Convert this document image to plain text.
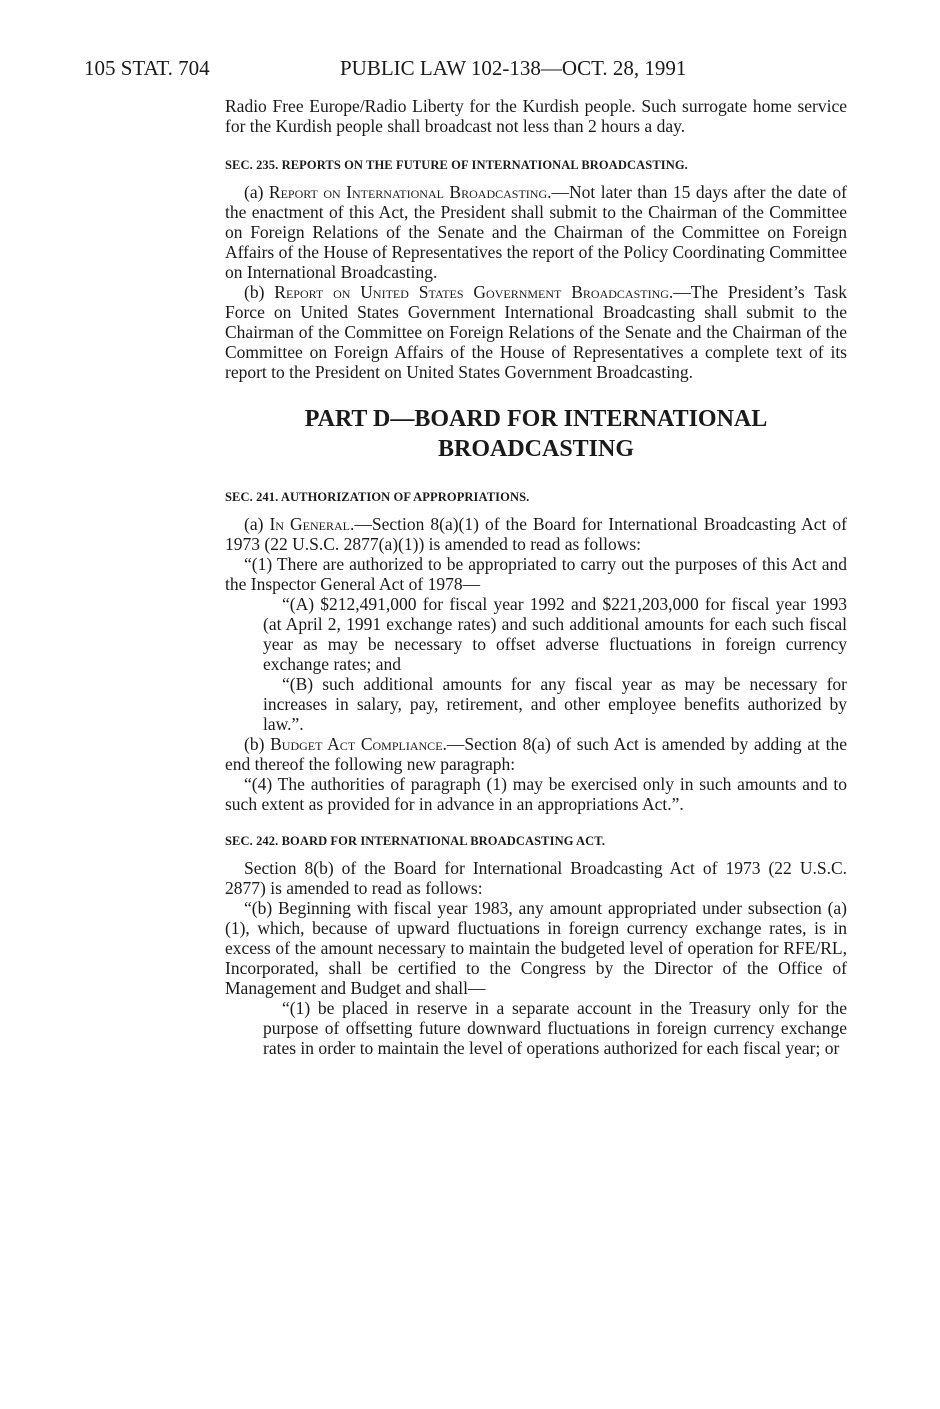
105 STAT. 704	PUBLIC LAW 102-138—OCT. 28, 1991

Radio Free Europe/Radio Liberty for the Kurdish people. Such surrogate home service for the Kurdish people shall broadcast not less than 2 hours a day.

SEC. 235. REPORTS ON THE FUTURE OF INTERNATIONAL BROADCASTING.

(a) Report on International Broadcasting.—Not later than 15 days after the date of the enactment of this Act, the President shall submit to the Chairman of the Committee on Foreign Relations of the Senate and the Chairman of the Committee on Foreign Affairs of the House of Representatives the report of the Policy Coordinating Committee on International Broadcasting.

(b) Report on United States Government Broadcasting.—The President’s Task Force on United States Government International Broadcasting shall submit to the Chairman of the Committee on Foreign Relations of the Senate and the Chairman of the Committee on Foreign Affairs of the House of Representatives a complete text of its report to the President on United States Government Broadcasting.

PART D—BOARD FOR INTERNATIONAL
BROADCASTING
SEC. 241. AUTHORIZATION OF APPROPRIATIONS.

(a) In General.—Section 8(a)(1) of the Board for International Broadcasting Act of 1973 (22 U.S.C. 2877(a)(1)) is amended to read as follows:

“(1) There are authorized to be appropriated to carry out the purposes of this Act and the Inspector General Act of 1978—

“(A) $212,491,000 for fiscal year 1992 and $221,203,000 for fiscal year 1993 (at April 2, 1991 exchange rates) and such additional amounts for each such fiscal year as may be necessary to offset adverse fluctuations in foreign currency exchange rates; and

“(B) such additional amounts for any fiscal year as may be necessary for increases in salary, pay, retirement, and other employee benefits authorized by law.”.

(b) Budget Act Compliance.—Section 8(a) of such Act is amended by adding at the end thereof the following new paragraph:

“(4) The authorities of paragraph (1) may be exercised only in such amounts and to such extent as provided for in advance in an appropriations Act.”.

SEC. 242. BOARD FOR INTERNATIONAL BROADCASTING ACT.

Section 8(b) of the Board for International Broadcasting Act of 1973 (22 U.S.C. 2877) is amended to read as follows:

“(b) Beginning with fiscal year 1983, any amount appropriated under subsection (a)(1), which, because of upward fluctuations in foreign currency exchange rates, is in excess of the amount necessary to maintain the budgeted level of operation for RFE/RL, Incorporated, shall be certified to the Congress by the Director of the Office of Management and Budget and shall—

“(1) be placed in reserve in a separate account in the Treasury only for the purpose of offsetting future downward fluctuations in foreign currency exchange rates in order to maintain the level of operations authorized for each fiscal year; or
